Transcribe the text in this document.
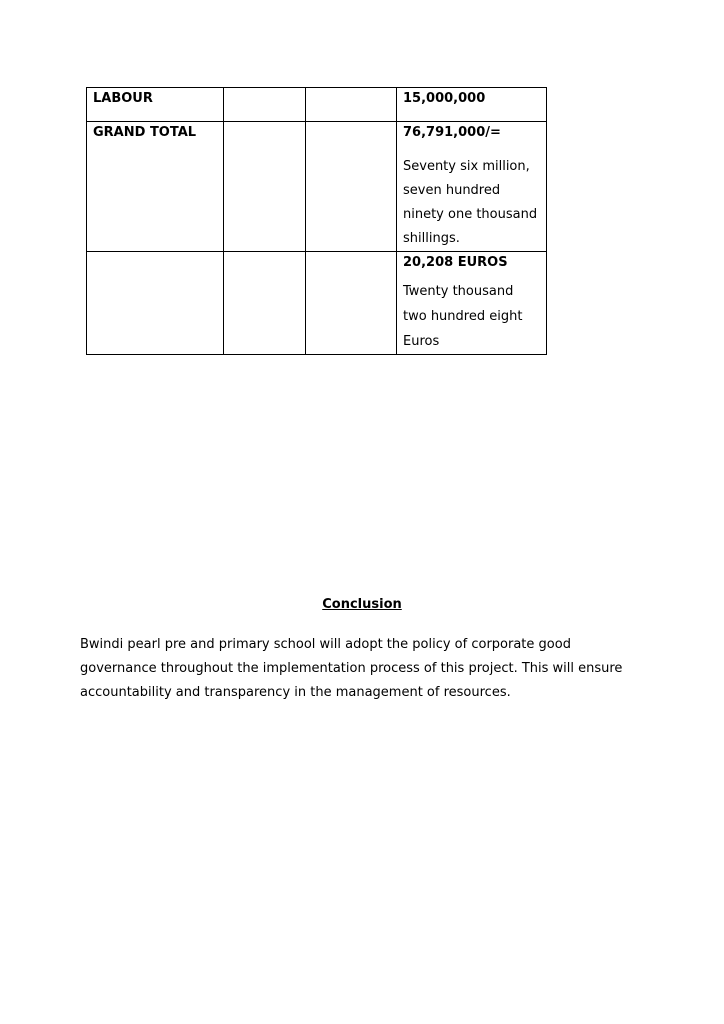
LABOUR			15,000,000

GRAND TOTAL			76,791,000/=
Seventy six million, seven hundred ninety one thousand shillings.

			20,208 EUROS
Twenty thousand two hundred eight Euros
Conclusion
Bwindi pearl pre and primary school will adopt the policy of corporate good governance throughout the implementation process of this project. This will ensure accountability and transparency in the management of resources.
